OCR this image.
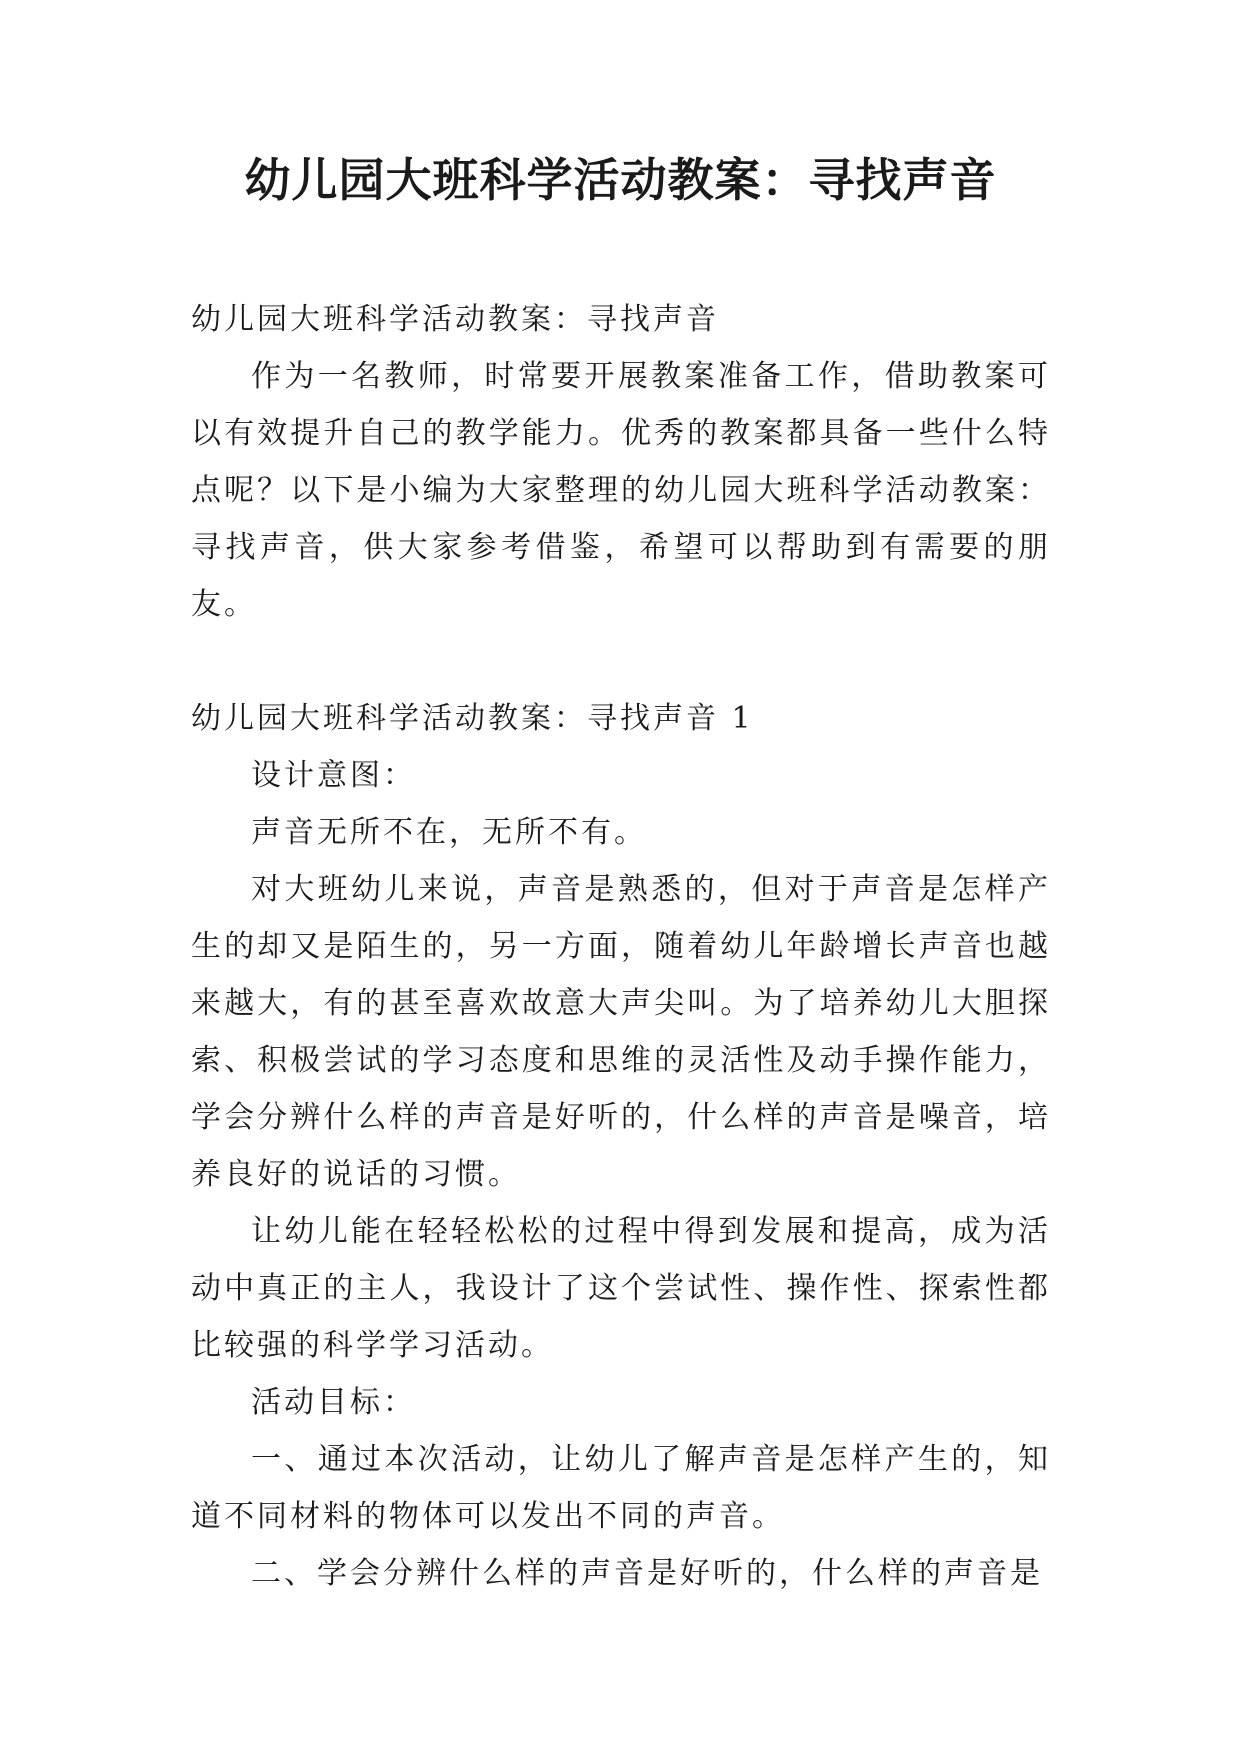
幼儿园大班科学活动教案：寻找声音

幼儿园大班科学活动教案：寻找声音

作为一名教师，时常要开展教案准备工作，借助教案可以有效提升自己的教学能力。优秀的教案都具备一些什么特点呢？以下是小编为大家整理的幼儿园大班科学活动教案：寻找声音，供大家参考借鉴，希望可以帮助到有需要的朋友。

幼儿园大班科学活动教案：寻找声音 1

设计意图：

声音无所不在，无所不有。

对大班幼儿来说，声音是熟悉的，但对于声音是怎样产生的却又是陌生的，另一方面，随着幼儿年龄增长声音也越来越大，有的甚至喜欢故意大声尖叫。为了培养幼儿大胆探索、积极尝试的学习态度和思维的灵活性及动手操作能力，学会分辨什么样的声音是好听的，什么样的声音是噪音，培养良好的说话的习惯。

让幼儿能在轻轻松松的过程中得到发展和提高，成为活动中真正的主人，我设计了这个尝试性、操作性、探索性都比较强的科学学习活动。

活动目标：

一、通过本次活动，让幼儿了解声音是怎样产生的，知道不同材料的物体可以发出不同的声音。

二、学会分辨什么样的声音是好听的，什么样的声音是
